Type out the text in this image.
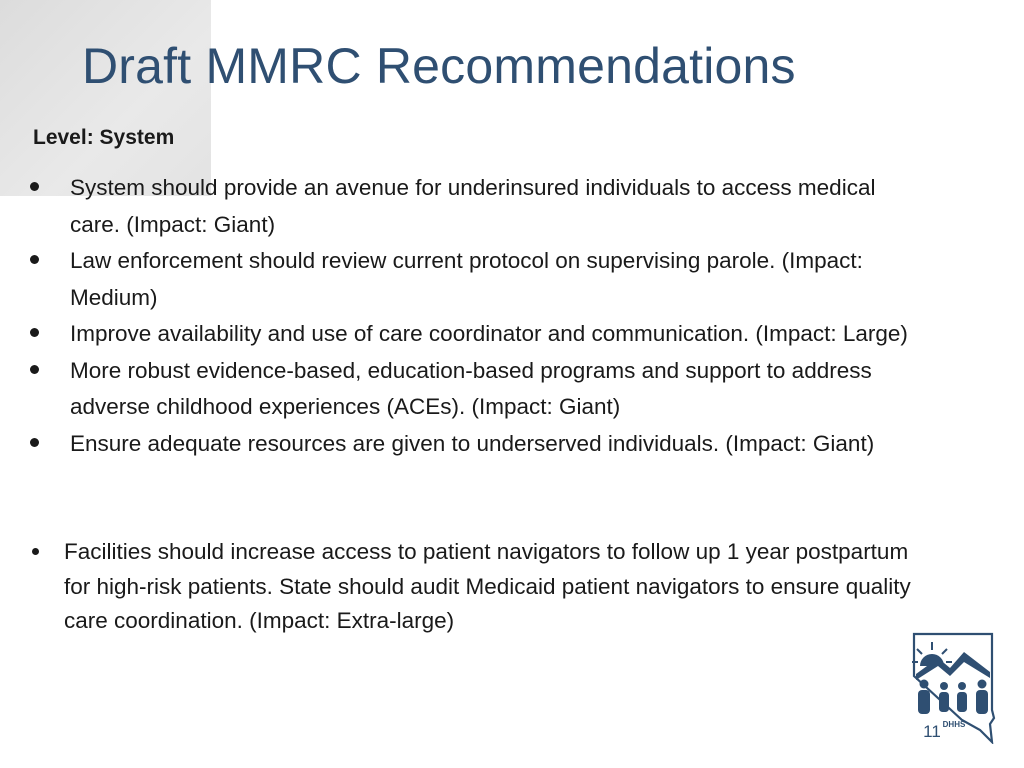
Draft MMRC Recommendations
Level: System
System should provide an avenue for underinsured individuals to access medical care. (Impact: Giant)
Law enforcement should review current protocol on supervising parole. (Impact: Medium)
Improve availability and use of care coordinator and communication. (Impact: Large)
More robust evidence-based, education-based programs and support to address adverse childhood experiences (ACEs). (Impact: Giant)
Ensure adequate resources are given to underserved individuals. (Impact: Giant)
Facilities should increase access to patient navigators to follow up 1 year postpartum for high-risk patients. State should audit Medicaid patient navigators to ensure quality care coordination. (Impact: Extra-large)
DHHS
11
